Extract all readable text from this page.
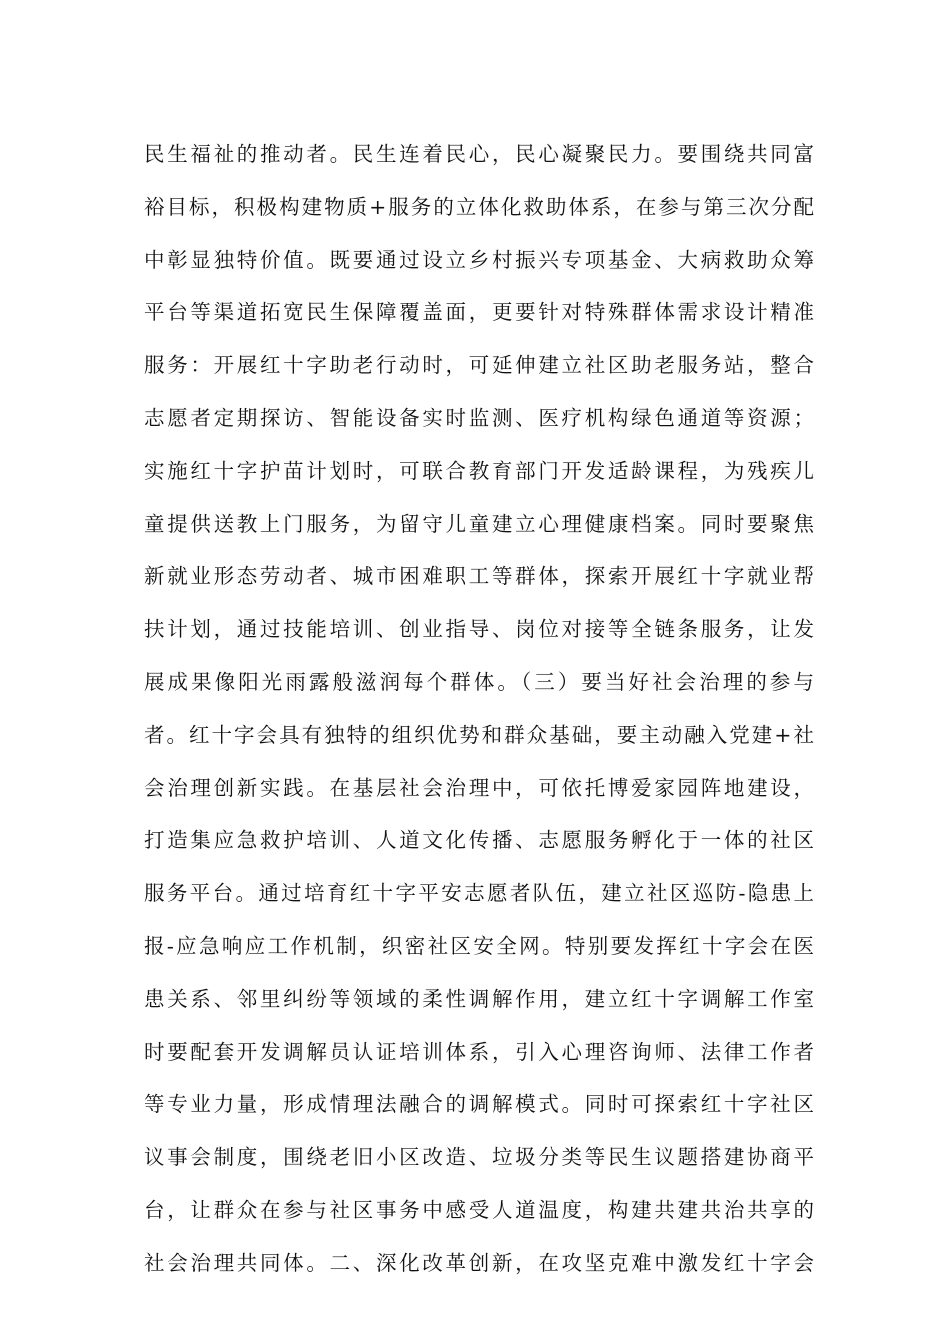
民生福祉的推动者。民生连着民心，民心凝聚民力。要围绕共同富
裕目标，积极构建物质+服务的立体化救助体系，在参与第三次分配
中彰显独特价值。既要通过设立乡村振兴专项基金、大病救助众筹
平台等渠道拓宽民生保障覆盖面，更要针对特殊群体需求设计精准
服务：开展红十字助老行动时，可延伸建立社区助老服务站，整合
志愿者定期探访、智能设备实时监测、医疗机构绿色通道等资源；
实施红十字护苗计划时，可联合教育部门开发适龄课程，为残疾儿
童提供送教上门服务，为留守儿童建立心理健康档案。同时要聚焦
新就业形态劳动者、城市困难职工等群体，探索开展红十字就业帮
扶计划，通过技能培训、创业指导、岗位对接等全链条服务，让发
展成果像阳光雨露般滋润每个群体。（三）要当好社会治理的参与
者。红十字会具有独特的组织优势和群众基础，要主动融入党建+社
会治理创新实践。在基层社会治理中，可依托博爱家园阵地建设，
打造集应急救护培训、人道文化传播、志愿服务孵化于一体的社区
服务平台。通过培育红十字平安志愿者队伍，建立社区巡防-隐患上
报-应急响应工作机制，织密社区安全网。特别要发挥红十字会在医
患关系、邻里纠纷等领域的柔性调解作用，建立红十字调解工作室
时要配套开发调解员认证培训体系，引入心理咨询师、法律工作者
等专业力量，形成情理法融合的调解模式。同时可探索红十字社区
议事会制度，围绕老旧小区改造、垃圾分类等民生议题搭建协商平
台，让群众在参与社区事务中感受人道温度，构建共建共治共享的
社会治理共同体。二、深化改革创新，在攻坚克难中激发红十字会
